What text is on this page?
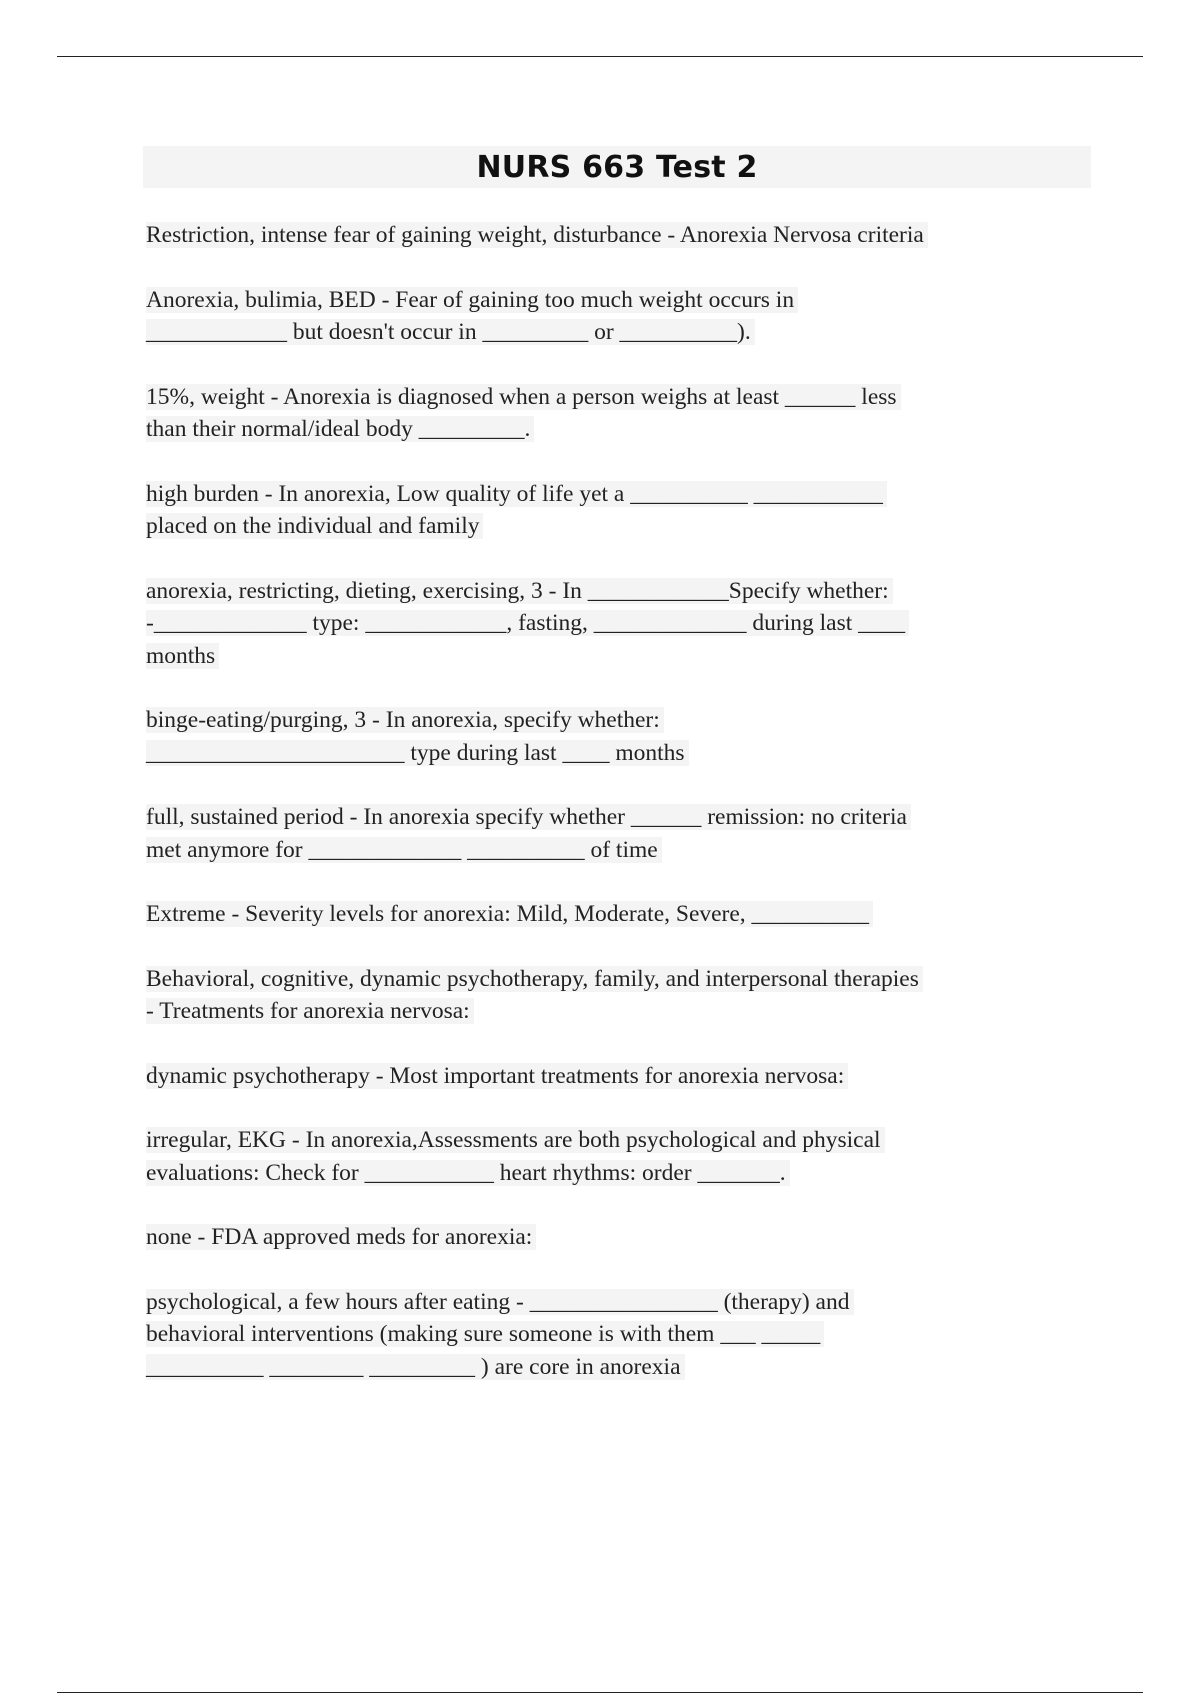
NURS 663 Test 2
Restriction, intense fear of gaining weight, disturbance - Anorexia Nervosa criteria
Anorexia, bulimia, BED - Fear of gaining too much weight occurs in
____________ but doesn't occur in _________ or __________).
15%, weight - Anorexia is diagnosed when a person weighs at least ______ less
than their normal/ideal body _________.
high burden - In anorexia, Low quality of life yet a __________ ___________
placed on the individual and family
anorexia, restricting, dieting, exercising, 3 - In ____________Specify whether:
-_____________ type: ____________, fasting, _____________ during last ____
months
binge-eating/purging, 3 - In anorexia, specify whether:
______________________ type during last ____ months
full, sustained period - In anorexia specify whether ______ remission: no criteria
met anymore for _____________ __________ of time
Extreme - Severity levels for anorexia: Mild, Moderate, Severe, __________
Behavioral, cognitive, dynamic psychotherapy, family, and interpersonal therapies
- Treatments for anorexia nervosa:
dynamic psychotherapy - Most important treatments for anorexia nervosa:
irregular, EKG - In anorexia,Assessments are both psychological and physical
evaluations: Check for ___________ heart rhythms: order _______.
none - FDA approved meds for anorexia:
psychological, a few hours after eating - ________________ (therapy) and
behavioral interventions (making sure someone is with them ___ _____
__________ ________ _________ ) are core in anorexia
